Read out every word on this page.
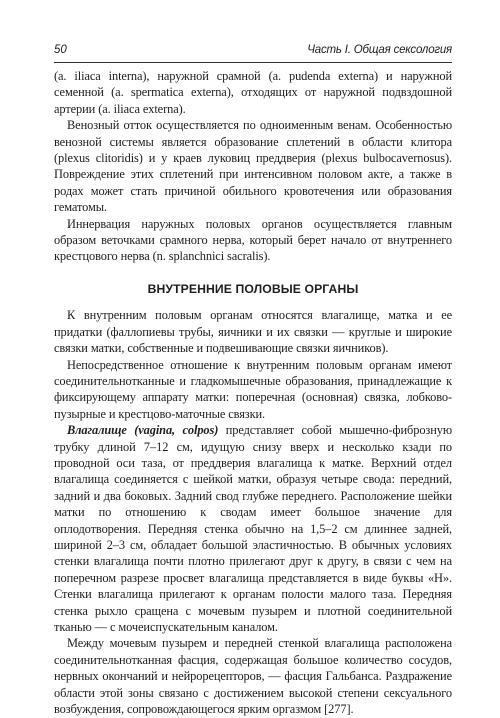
50	Часть I. Общая сексология

(a. iliaca interna), наружной срамной (a. pudenda externa) и наружной семенной (a. spermatica externa), отходящих от наружной подвздошной артерии (a. iliaca externa).

Венозный отток осуществляется по одноименным венам. Особенностью венозной системы является образование сплетений в области клитора (plexus clitoridis) и у краев луковиц преддверия (plexus bulbocavernosus). Повреждение этих сплетений при интенсивном половом акте, а также в родах может стать причиной обильного кровотечения или образования гематомы.

Иннервация наружных половых органов осуществляется главным образом веточками срамного нерва, который берет начало от внутреннего крестцового нерва (n. splanchnici sacralis).

ВНУТРЕННИЕ ПОЛОВЫЕ ОРГАНЫ

К внутренним половым органам относятся влагалище, матка и ее придатки (фаллопиевы трубы, яичники и их связки — круглые и широкие связки матки, собственные и подвешивающие связки яичников).

Непосредственное отношение к внутренним половым органам имеют соединительнотканные и гладкомышечные образования, принадлежащие к фиксирующему аппарату матки: поперечная (основная) связка, лобково-пузырные и крестцово-маточные связки.

Влагалище (vagina, colpos) представляет собой мышечно-фиброзную трубку длиной 7–12 см, идущую снизу вверх и несколько кзади по проводной оси таза, от преддверия влагалища к матке. Верхний отдел влагалища соединяется с шейкой матки, образуя четыре свода: передний, задний и два боковых. Задний свод глубже переднего. Расположение шейки матки по отношению к сводам имеет большое значение для оплодотворения. Передняя стенка обычно на 1,5–2 см длиннее задней, шириной 2–3 см, обладает большой эластичностью. В обычных условиях стенки влагалища почти плотно прилегают друг к другу, в связи с чем на поперечном разрезе просвет влагалища представляется в виде буквы «Н». Стенки влагалища прилегают к органам полости малого таза. Передняя стенка рыхло сращена с мочевым пузырем и плотной соединительной тканью — с мочеиспускательным каналом.

Между мочевым пузырем и передней стенкой влагалища расположена соединительнотканная фасция, содержащая большое количество сосудов, нервных окончаний и нейрорецепторов, — фасция Гальбанса. Раздражение области этой зоны связано с достижением высокой степени сексуального возбуждения, сопровождающегося ярким оргазмом [277].
